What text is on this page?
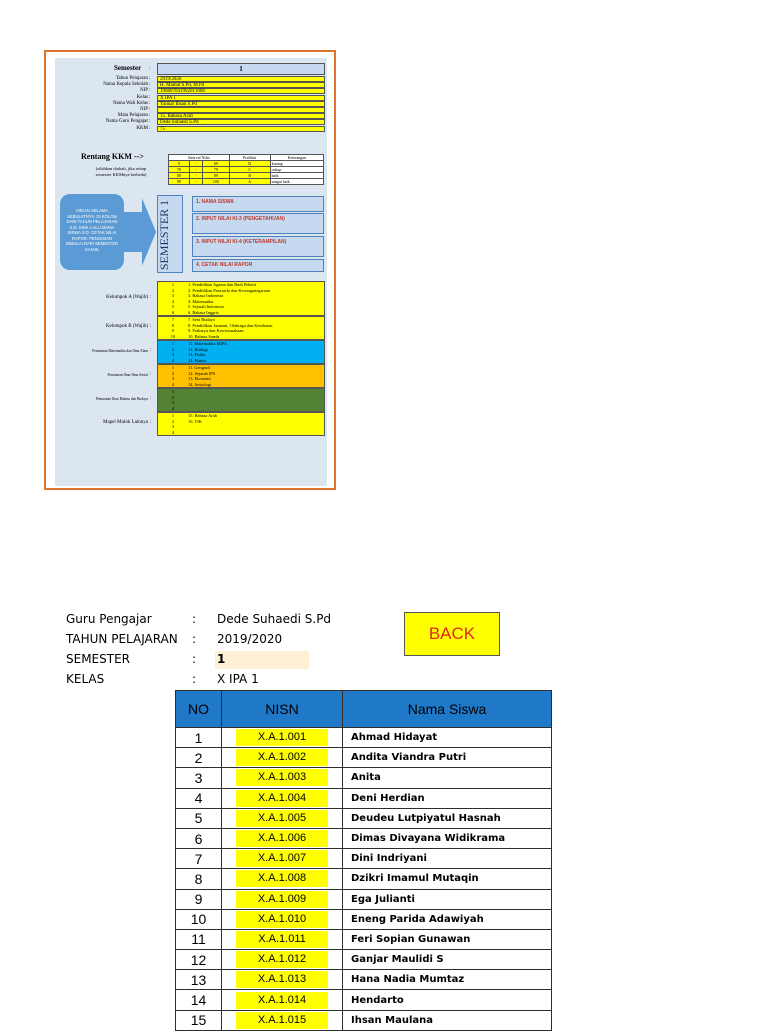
Semester :	1
Tahun Pelajaran :	2019/2020
Nama Kepala Sekolah :	H. Mamat S.Pd, M.Pd
NIP :	196807041992011008
Kelas :	X IPA 1
Nama Wali Kelas :	Yanuar Ihsan S.Pd
NIP :
Mata Pelajaran :	15. Bahasa Arab
Nama Guru Pengajar :	Dede Suhaedi S.Pd
KKM :	75
Rentang KKM -->
(silahkan diubah, jika setiap semester KKMnya berbeda)
Interval Nilai			Predikat	Keterangan
0	-	69	D	kurang
70	-	79	C	cukup
80	-	89	B	baik
90	-	100	A	sangat baik
ISIKAN SELAMA SEBULATNYA, DI KOLOM DARI TAHUN PELAJARAN S.D. KKM. LALU MAMA SISWA S.D. CETAK NILAI RAPOR. PENGISIAN DIMULAI DARI SEMESTER GANJIL	SEMESTER 1	1. NAMA SISWA
2. INPUT NILAI KI-3 (PENGETAHUAN)
3. INPUT NILAI KI-4 (KETERAMPILAN)
4. CETAK NILAI RAPOR
Kelompok A (Wajib) :
1	1. Pendidikan Agama dan Budi Pekerti
2	2. Pendidikan Pancasila dan Kewarganegaraan
3	3. Bahasa Indonesia
4	4. Matematika
5	5. Sejarah Indonesia
6	6. Bahasa Inggris
Kelompok B (Wajib) :
7	7. Seni Budaya
8	8. Pendidikan Jasmani, Olahraga dan Kesehatan
9	9. Prakarya dan Kewirausahaan
10	10. Bahasa Sunda
Peminatan Matematika dan Ilmu Alam :
1	11. Matematika MIPA
2	12. Biologi
3	13. Fisika
4	14. Kimia
Peminatan Ilmu-Ilmu Sosial :
1	11. Geografi
2	12. Sejarah IPS
3	13. Ekonomi
4	14. Sosiologi
Peminatan Ilmu Bahasa dan Budaya :
1
2
3
4
Mapel Mulok Lainnya :
1	15. Bahasa Arab
2	16. TIK
3
4
Guru Pengajar	: Dede Suhaedi S.Pd
TAHUN PELAJARAN : 2019/2020
SEMESTER	: 1
KELAS	: X IPA 1
BACK
NO	NISN	Nama Siswa
1	X.A.1.001	Ahmad Hidayat
2	X.A.1.002	Andita Viandra Putri
3	X.A.1.003	Anita
4	X.A.1.004	Deni Herdian
5	X.A.1.005	Deudeu Lutpiyatul Hasnah
6	X.A.1.006	Dimas Divayana Widikrama
7	X.A.1.007	Dini Indriyani
8	X.A.1.008	Dzikri Imamul Mutaqin
9	X.A.1.009	Ega Julianti
10	X.A.1.010	Eneng Parida Adawiyah
11	X.A.1.011	Feri Sopian Gunawan
12	X.A.1.012	Ganjar Maulidi S
13	X.A.1.013	Hana Nadia Mumtaz
14	X.A.1.014	Hendarto
15	X.A.1.015	Ihsan Maulana
